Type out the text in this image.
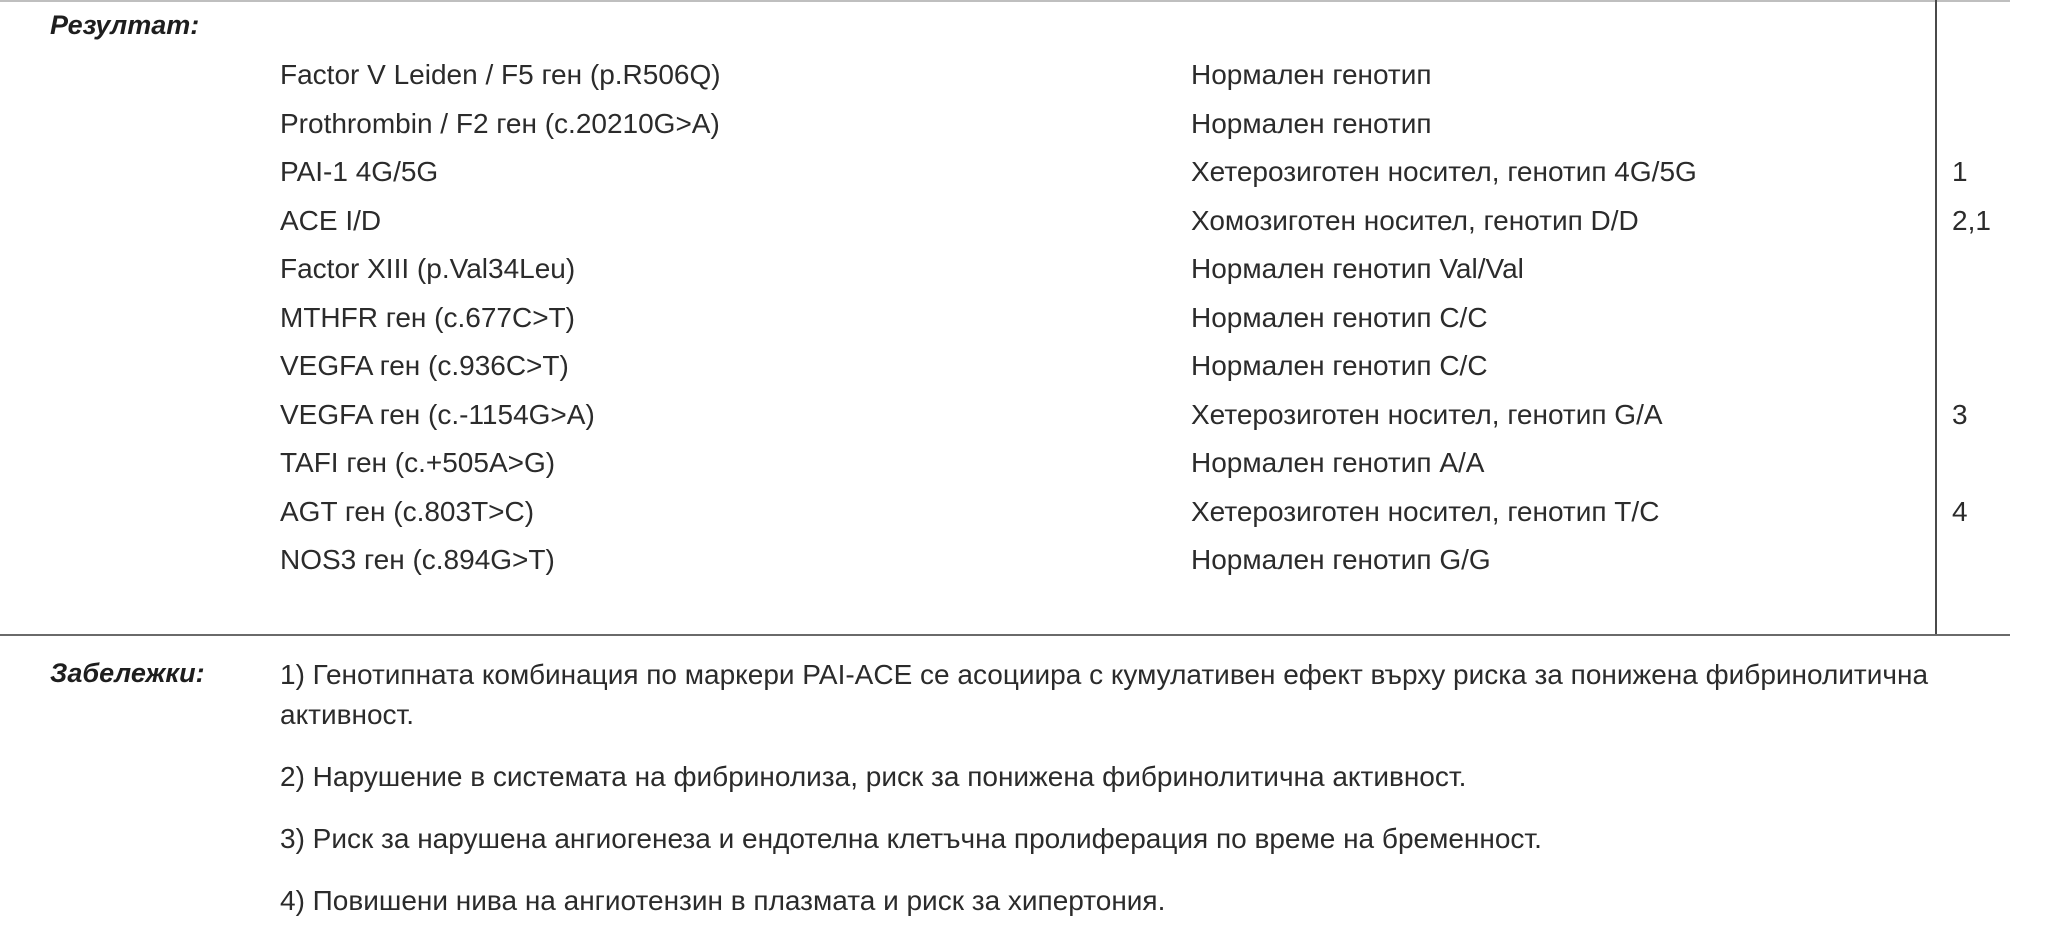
Резултат:
Factor V Leiden / F5 ген (p.R506Q)	Нормален генотип
Prothrombin / F2 ген (c.20210G>A)	Нормален генотип
PAI-1 4G/5G	Хетерозиготен носител, генотип 4G/5G	1
ACE I/D	Хомозиготен носител, генотип D/D	2,1
Factor XIII (p.Val34Leu)	Нормален генотип Val/Val
MTHFR ген (c.677C>T)	Нормален генотип C/C
VEGFA ген (c.936C>T)	Нормален генотип C/C
VEGFA ген (c.-1154G>A)	Хетерозиготен носител, генотип G/A	3
TAFI ген (c.+505A>G)	Нормален генотип A/A
AGT ген (c.803T>C)	Хетерозиготен носител, генотип T/C	4
NOS3 ген (c.894G>T)	Нормален генотип G/G
Забележки:	1) Генотипната комбинация по маркери PAI-ACE се асоциира с кумулативен ефект върху риска за понижена фибринолитична активност.

2) Нарушение в системата на фибринолиза, риск за понижена фибринолитична активност.

3) Риск за нарушена ангиогенеза и ендотелна клетъчна пролиферация по време на бременност.

4) Повишени нива на ангиотензин в плазмата и риск за хипертония.
